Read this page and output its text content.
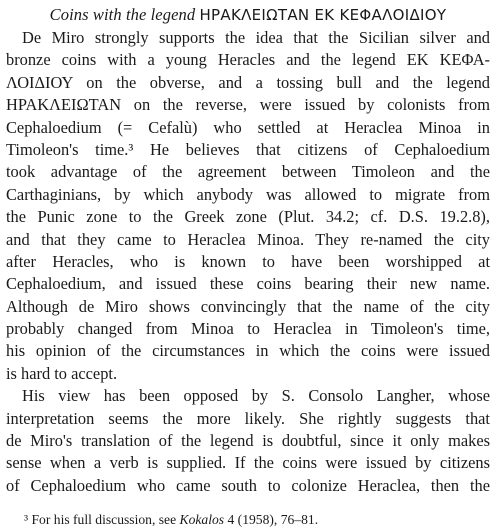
Coins with the legend ΗΡΑΚΛΕΙΩΤΑΝ ΕΚ ΚΕΦΑΛΟΙΔΙΟΥ
De Miro strongly supports the idea that the Sicilian silver and
bronze coins with a young Heracles and the legend ΕΚ ΚΕΦΑ-
ΛΟΙΔΙΟΥ on the obverse, and a tossing bull and the legend
ΗΡΑΚΛΕΙΩΤΑΝ on the reverse, were issued by colonists from
Cephaloedium (= Cefalù) who settled at Heraclea Minoa in
Timoleon's time.³ He believes that citizens of Cephaloedium
took advantage of the agreement between Timoleon and the
Carthaginians, by which anybody was allowed to migrate from
the Punic zone to the Greek zone (Plut. 34.2; cf. D.S. 19.2.8),
and that they came to Heraclea Minoa. They re-named the city
after Heracles, who is known to have been worshipped at
Cephaloedium, and issued these coins bearing their new name.
Although de Miro shows convincingly that the name of the city
probably changed from Minoa to Heraclea in Timoleon's time,
his opinion of the circumstances in which the coins were issued
is hard to accept.
His view has been opposed by S. Consolo Langher, whose
interpretation seems the more likely. She rightly suggests that
de Miro's translation of the legend is doubtful, since it only makes
sense when a verb is supplied. If the coins were issued by citizens
of Cephaloedium who came south to colonize Heraclea, then the
³ For his full discussion, see Kokalos 4 (1958), 76–81.
